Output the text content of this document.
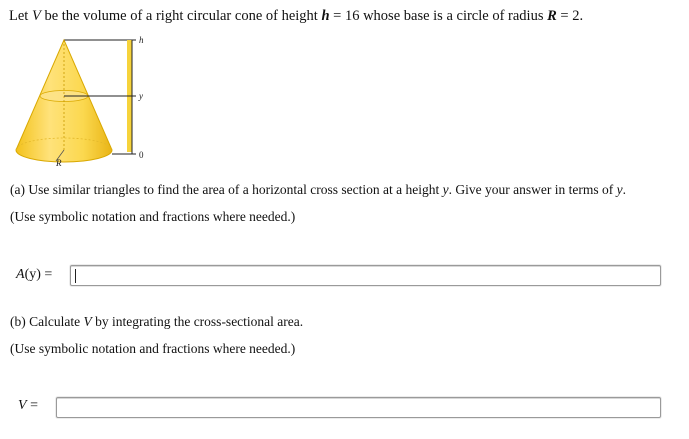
Let V be the volume of a right circular cone of height h = 16 whose base is a circle of radius R = 2.
h
y
0
R
(a) Use similar triangles to find the area of a horizontal cross section at a height y. Give your answer in terms of y.
(Use symbolic notation and fractions where needed.)
A(y) =
(b) Calculate V by integrating the cross-sectional area.
(Use symbolic notation and fractions where needed.)
V =
